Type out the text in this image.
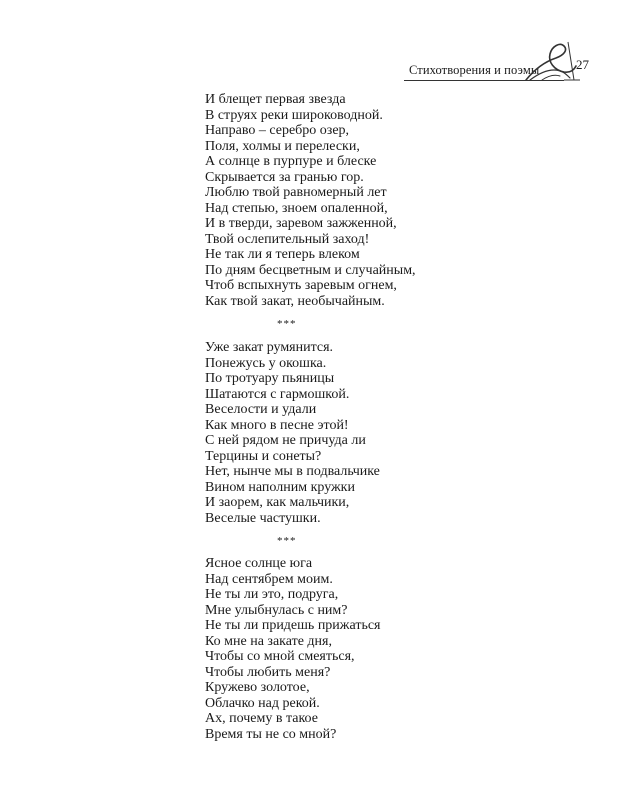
Стихотворения и поэмы	27
И блещет первая звезда
В струях реки широководной.
Направо – серебро озер,
Поля, холмы и перелески,
А солнце в пурпуре и блеске
Скрывается за гранью гор.
Люблю твой равномерный лет
Над степью, зноем опаленной,
И в тверди, заревом зажженной,
Твой ослепительный заход!
Не так ли я теперь влеком
По дням бесцветным и случайным,
Чтоб вспыхнуть заревым огнем,
Как твой закат, необычайным.
***
Уже закат румянится.
Понежусь у окошка.
По тротуару пьяницы
Шатаются с гармошкой.
Веселости и удали
Как много в песне этой!
С ней рядом не причуда ли
Терцины и сонеты?
Нет, нынче мы в подвальчике
Вином наполним кружки
И заорем, как мальчики,
Веселые частушки.
***
Ясное солнце юга
Над сентябрем моим.
Не ты ли это, подруга,
Мне улыбнулась с ним?
Не ты ли придешь прижаться
Ко мне на закате дня,
Чтобы со мной смеяться,
Чтобы любить меня?
Кружево золотое,
Облачко над рекой.
Ах, почему в такое
Время ты не со мной?
